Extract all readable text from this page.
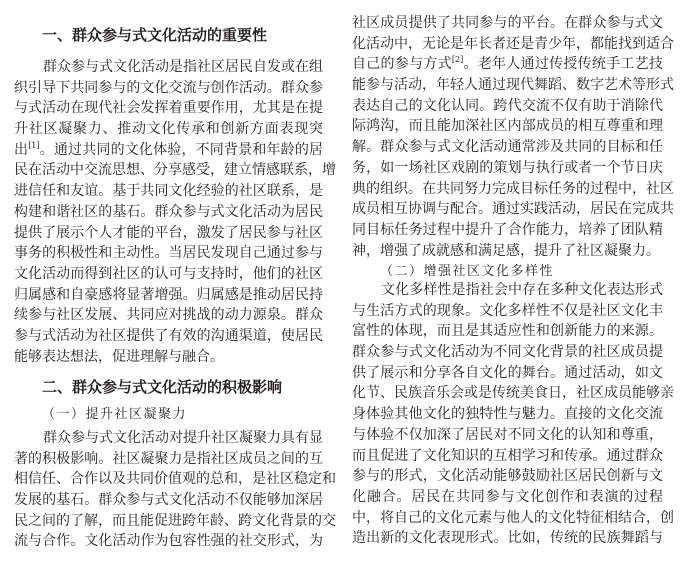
一、群众参与式文化活动的重要性
群众参与式文化活动是指社区居民自发或在组
织引导下共同参与的文化交流与创作活动。群众参
与式活动在现代社会发挥着重要作用，尤其是在提
升社区凝聚力、推动文化传承和创新方面表现突
出[1]。通过共同的文化体验，不同背景和年龄的居
民在活动中交流思想、分享感受，建立情感联系，增
进信任和友谊。基于共同文化经验的社区联系，是
构建和谐社区的基石。群众参与式文化活动为居民
提供了展示个人才能的平台，激发了居民参与社区
事务的积极性和主动性。当居民发现自己通过参与
文化活动而得到社区的认可与支持时，他们的社区
归属感和自豪感将显著增强。归属感是推动居民持
续参与社区发展、共同应对挑战的动力源泉。群众
参与式活动为社区提供了有效的沟通渠道，使居民
能够表达想法，促进理解与融合。
二、群众参与式文化活动的积极影响
（一）提升社区凝聚力
群众参与式文化活动对提升社区凝聚力具有显
著的积极影响。社区凝聚力是指社区成员之间的互
相信任、合作以及共同价值观的总和，是社区稳定和
发展的基石。群众参与式文化活动不仅能够加深居
民之间的了解，而且能促进跨年龄、跨文化背景的交
流与合作。文化活动作为包容性强的社交形式，为
社区成员提供了共同参与的平台。在群众参与式文
化活动中，无论是年长者还是青少年，都能找到适合
自己的参与方式[2]。老年人通过传授传统手工艺技
能参与活动，年轻人通过现代舞蹈、数字艺术等形式
表达自己的文化认同。跨代交流不仅有助于消除代
际鸿沟，而且能加深社区内部成员的相互尊重和理
解。群众参与式文化活动通常涉及共同的目标和任
务，如一场社区戏剧的策划与执行或者一个节日庆
典的组织。在共同努力完成目标任务的过程中，社区
成员相互协调与配合。通过实践活动，居民在完成共
同目标任务过程中提升了合作能力，培养了团队精
神，增强了成就感和满足感，提升了社区凝聚力。
（二）增强社区文化多样性
文化多样性是指社会中存在多种文化表达形式
与生活方式的现象。文化多样性不仅是社区文化丰
富性的体现，而且是其适应性和创新能力的来源。
群众参与式文化活动为不同文化背景的社区成员提
供了展示和分享各自文化的舞台。通过活动，如文
化节、民族音乐会或是传统美食日，社区成员能够亲
身体验其他文化的独特性与魅力。直接的文化交流
与体验不仅加深了居民对不同文化的认知和尊重，
而且促进了文化知识的互相学习和传承。通过群众
参与的形式，文化活动能够鼓励社区居民创新与文
化融合。居民在共同参与文化创作和表演的过程
中，将自己的文化元素与他人的文化特征相结合，创
造出新的文化表现形式。比如，传统的民族舞蹈与
